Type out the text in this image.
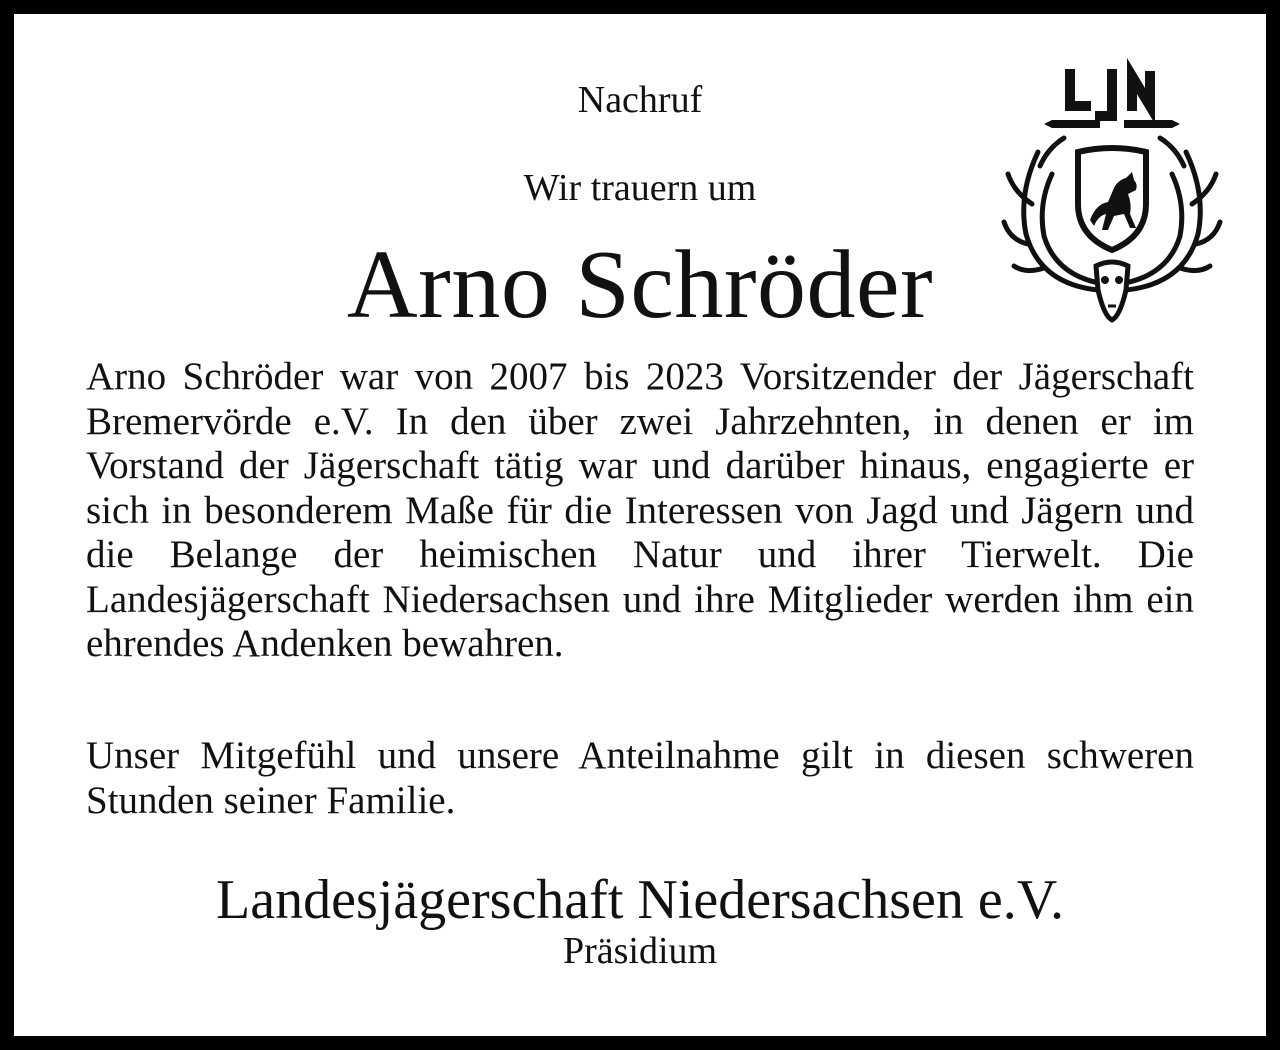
Nachruf
Wir trauern um
Arno Schröder
Arno Schröder war von 2007 bis 2023 Vorsitzender der Jägerschaft Bremervörde e.V. In den über zwei Jahrzehnten, in denen er im Vorstand der Jägerschaft tätig war und darüber hinaus, engagierte er sich in besonderem Maße für die Interessen von Jagd und Jägern und die Belange der heimischen Natur und ihrer Tierwelt. Die Landesjägerschaft Niedersachsen und ihre Mitglieder werden ihm ein ehrendes Andenken bewahren.
Unser Mitgefühl und unsere Anteilnahme gilt in diesen schweren Stunden seiner Familie.
Landesjägerschaft Niedersachsen e.V.
Präsidium
